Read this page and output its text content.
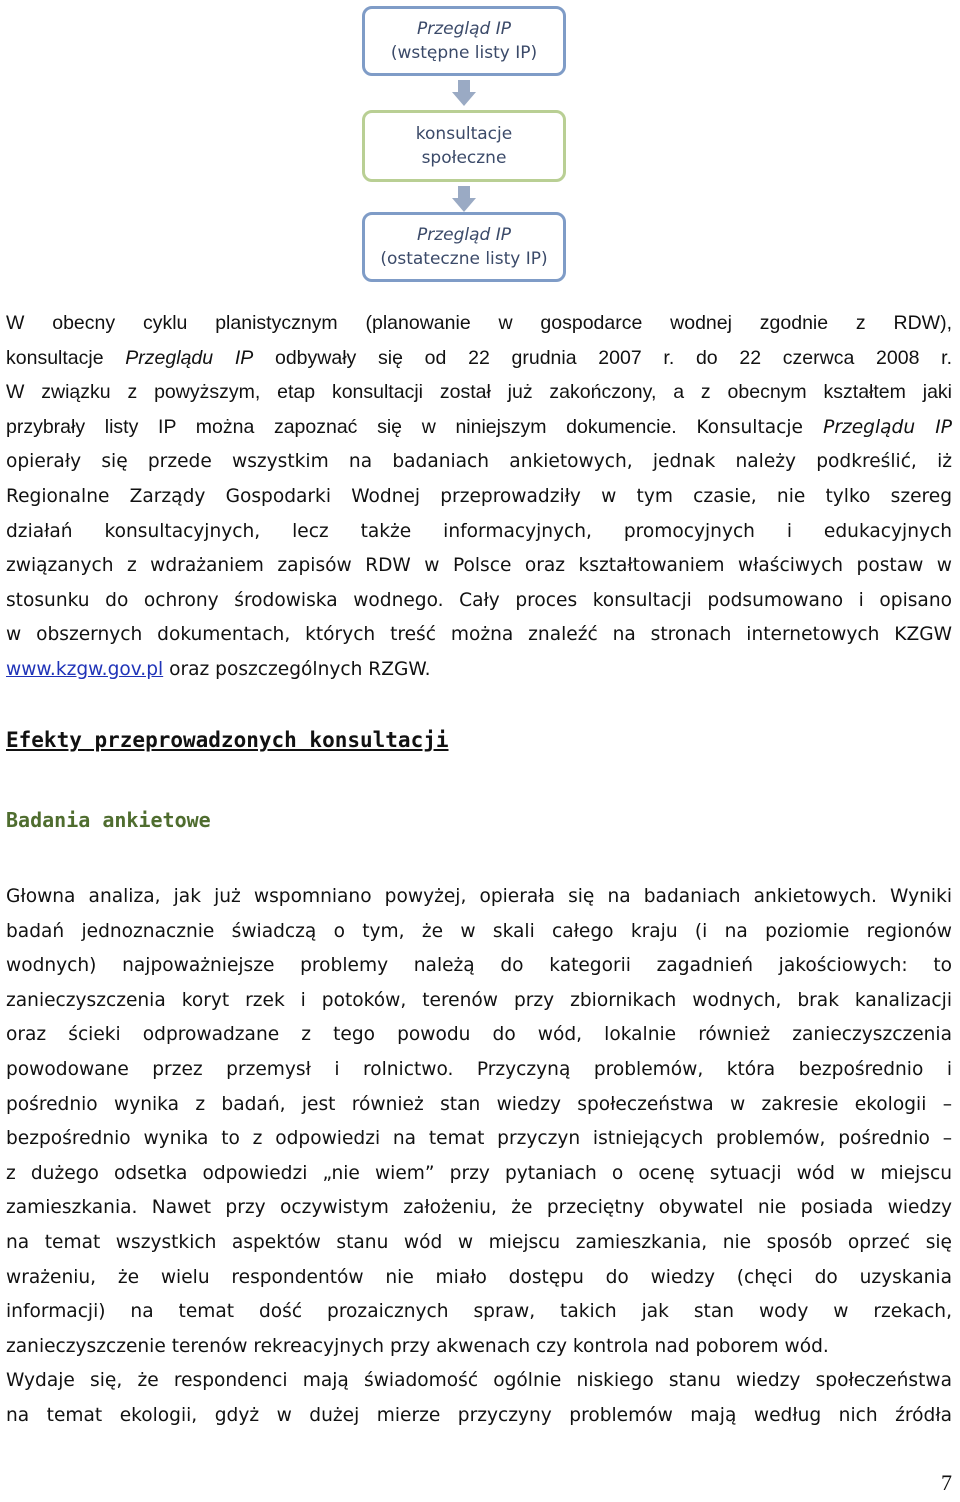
Przegląd IP
(wstępne listy IP)
konsultacje
społeczne
Przegląd IP
(ostateczne listy IP)

W obecny cyklu planistycznym (planowanie w gospodarce wodnej zgodnie z RDW),

konsultacje Przeglądu IP odbywały się od 22 grudnia 2007 r. do 22 czerwca 2008 r.

W związku z powyższym, etap konsultacji został już zakończony, a z obecnym kształtem jaki

przybrały listy IP można zapoznać się w niniejszym dokumencie. Konsultacje Przeglądu IP

opierały się przede wszystkim na badaniach ankietowych, jednak należy podkreślić, iż

Regionalne Zarządy Gospodarki Wodnej przeprowadziły w tym czasie, nie tylko szereg

działań konsultacyjnych, lecz także informacyjnych, promocyjnych i edukacyjnych

związanych z wdrażaniem zapisów RDW w Polsce oraz kształtowaniem właściwych postaw w

stosunku do ochrony środowiska wodnego. Cały proces konsultacji podsumowano i opisano

w obszernych dokumentach, których treść można znaleźć na stronach internetowych KZGW

www.kzgw.gov.pl oraz poszczególnych RZGW.

Efekty przeprowadzonych konsultacji
Badania ankietowe

Głowna analiza, jak już wspomniano powyżej, opierała się na badaniach ankietowych. Wyniki

badań jednoznacznie świadczą o tym, że w skali całego kraju (i na poziomie regionów

wodnych) najpoważniejsze problemy należą do kategorii zagadnień jakościowych: to

zanieczyszczenia koryt rzek i potoków, terenów przy zbiornikach wodnych, brak kanalizacji

oraz ścieki odprowadzane z tego powodu do wód, lokalnie również zanieczyszczenia

powodowane przez przemysł i rolnictwo. Przyczyną problemów, która bezpośrednio i

pośrednio wynika z badań, jest również stan wiedzy społeczeństwa w zakresie ekologii –

bezpośrednio wynika to z odpowiedzi na temat przyczyn istniejących problemów, pośrednio –

z dużego odsetka odpowiedzi „nie wiem” przy pytaniach o ocenę sytuacji wód w miejscu

zamieszkania. Nawet przy oczywistym założeniu, że przeciętny obywatel nie posiada wiedzy

na temat wszystkich aspektów stanu wód w miejscu zamieszkania, nie sposób oprzeć się

wrażeniu, że wielu respondentów nie miało dostępu do wiedzy (chęci do uzyskania

informacji) na temat dość prozaicznych spraw, takich jak stan wody w rzekach,

zanieczyszczenie terenów rekreacyjnych przy akwenach czy kontrola nad poborem wód.

Wydaje się, że respondenci mają świadomość ogólnie niskiego stanu wiedzy społeczeństwa

na temat ekologii, gdyż w dużej mierze przyczyny problemów mają według nich źródła

7
